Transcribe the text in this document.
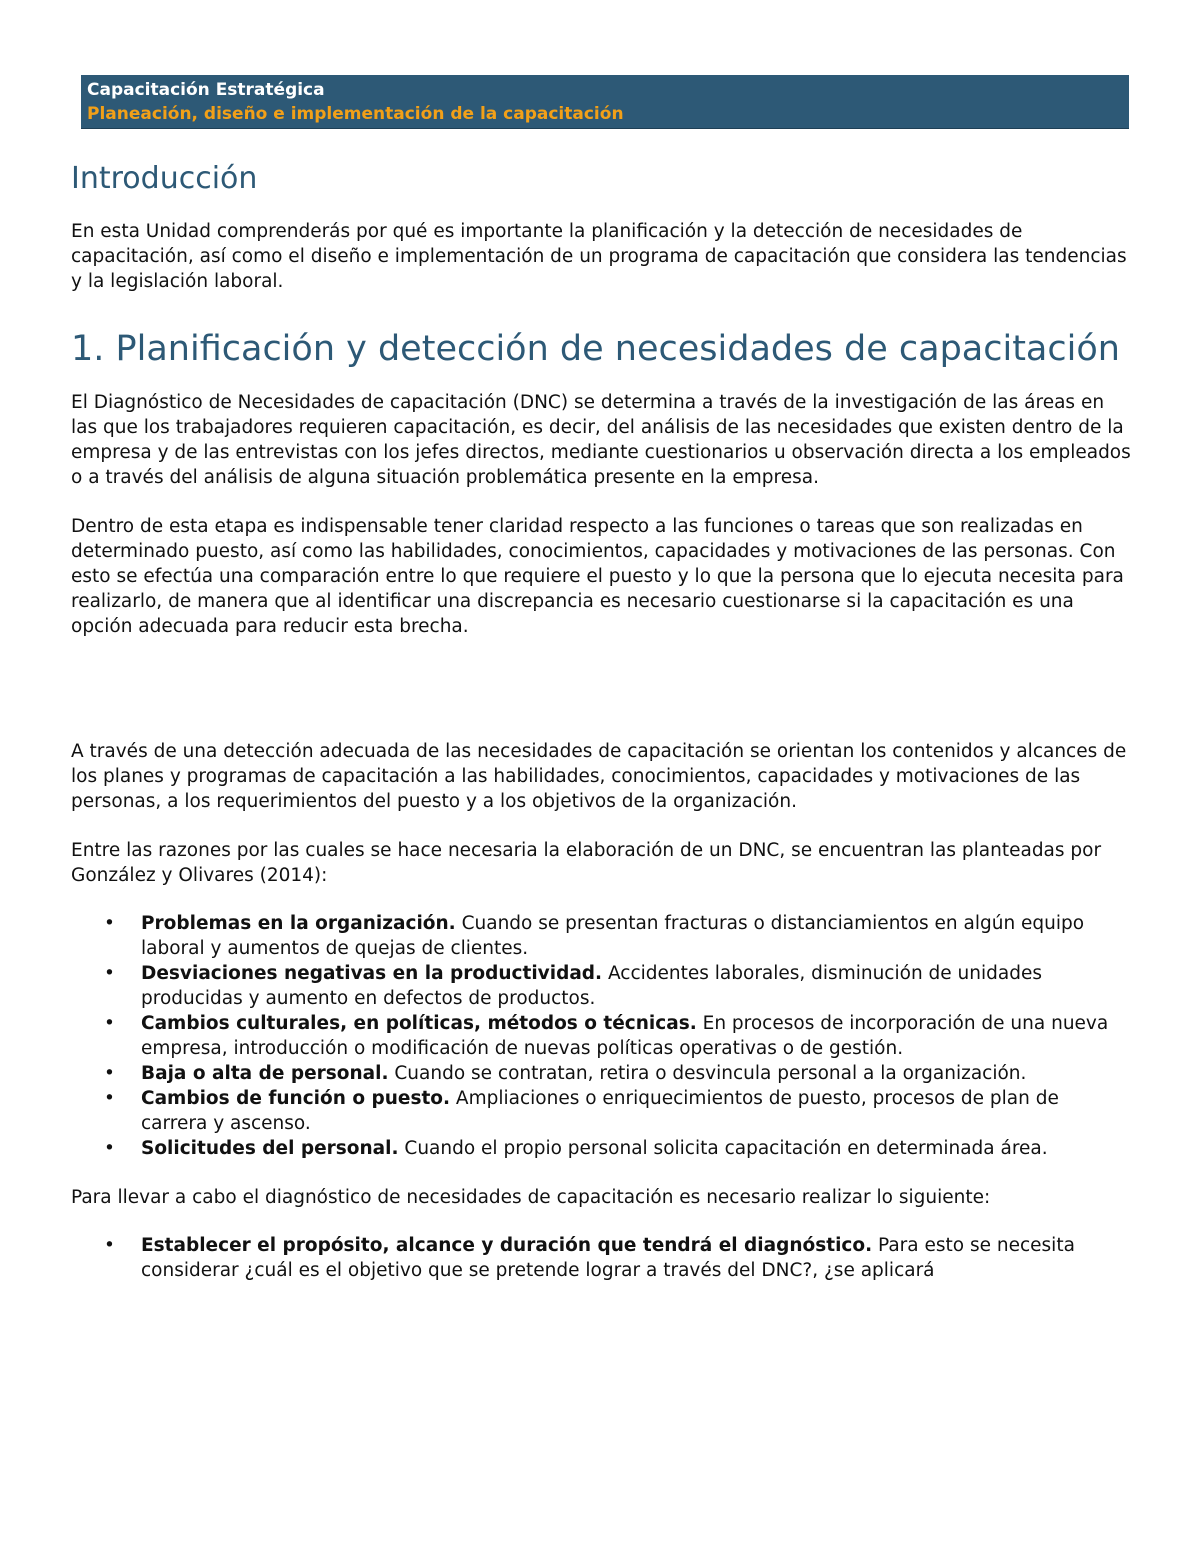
Capacitación Estratégica
Planeación, diseño e implementación de la capacitación
Introducción

En esta Unidad comprenderás por qué es importante la planificación y la detección de necesidades de capacitación, así como el diseño e implementación de un programa de capacitación que considera las tendencias y la legislación laboral.

1. Planificación y detección de necesidades de capacitación

El Diagnóstico de Necesidades de capacitación (DNC) se determina a través de la investigación de las áreas en las que los trabajadores requieren capacitación, es decir, del análisis de las necesidades que existen dentro de la empresa y de las entrevistas con los jefes directos, mediante cuestionarios u observación directa a los empleados o a través del análisis de alguna situación problemática presente en la empresa.

Dentro de esta etapa es indispensable tener claridad respecto a las funciones o tareas que son realizadas en determinado puesto, así como las habilidades, conocimientos, capacidades y motivaciones de las personas. Con esto se efectúa una comparación entre lo que requiere el puesto y lo que la persona que lo ejecuta necesita para realizarlo, de manera que al identificar una discrepancia es necesario cuestionarse si la capacitación es una opción adecuada para reducir esta brecha.

A través de una detección adecuada de las necesidades de capacitación se orientan los contenidos y alcances de los planes y programas de capacitación a las habilidades, conocimientos, capacidades y motivaciones de las personas, a los requerimientos del puesto y a los objetivos de la organización.

Entre las razones por las cuales se hace necesaria la elaboración de un DNC, se encuentran las planteadas por González y Olivares (2014):

• Problemas en la organización. Cuando se presentan fracturas o distanciamientos en algún equipo laboral y aumentos de quejas de clientes.
• Desviaciones negativas en la productividad. Accidentes laborales, disminución de unidades producidas y aumento en defectos de productos.
• Cambios culturales, en políticas, métodos o técnicas. En procesos de incorporación de una nueva empresa, introducción o modificación de nuevas políticas operativas o de gestión.
• Baja o alta de personal. Cuando se contratan, retira o desvincula personal a la organización.
• Cambios de función o puesto. Ampliaciones o enriquecimientos de puesto, procesos de plan de carrera y ascenso.
• Solicitudes del personal. Cuando el propio personal solicita capacitación en determinada área.

Para llevar a cabo el diagnóstico de necesidades de capacitación es necesario realizar lo siguiente:

• Establecer el propósito, alcance y duración que tendrá el diagnóstico. Para esto se necesita considerar ¿cuál es el objetivo que se pretende lograr a través del DNC?, ¿se aplicará
